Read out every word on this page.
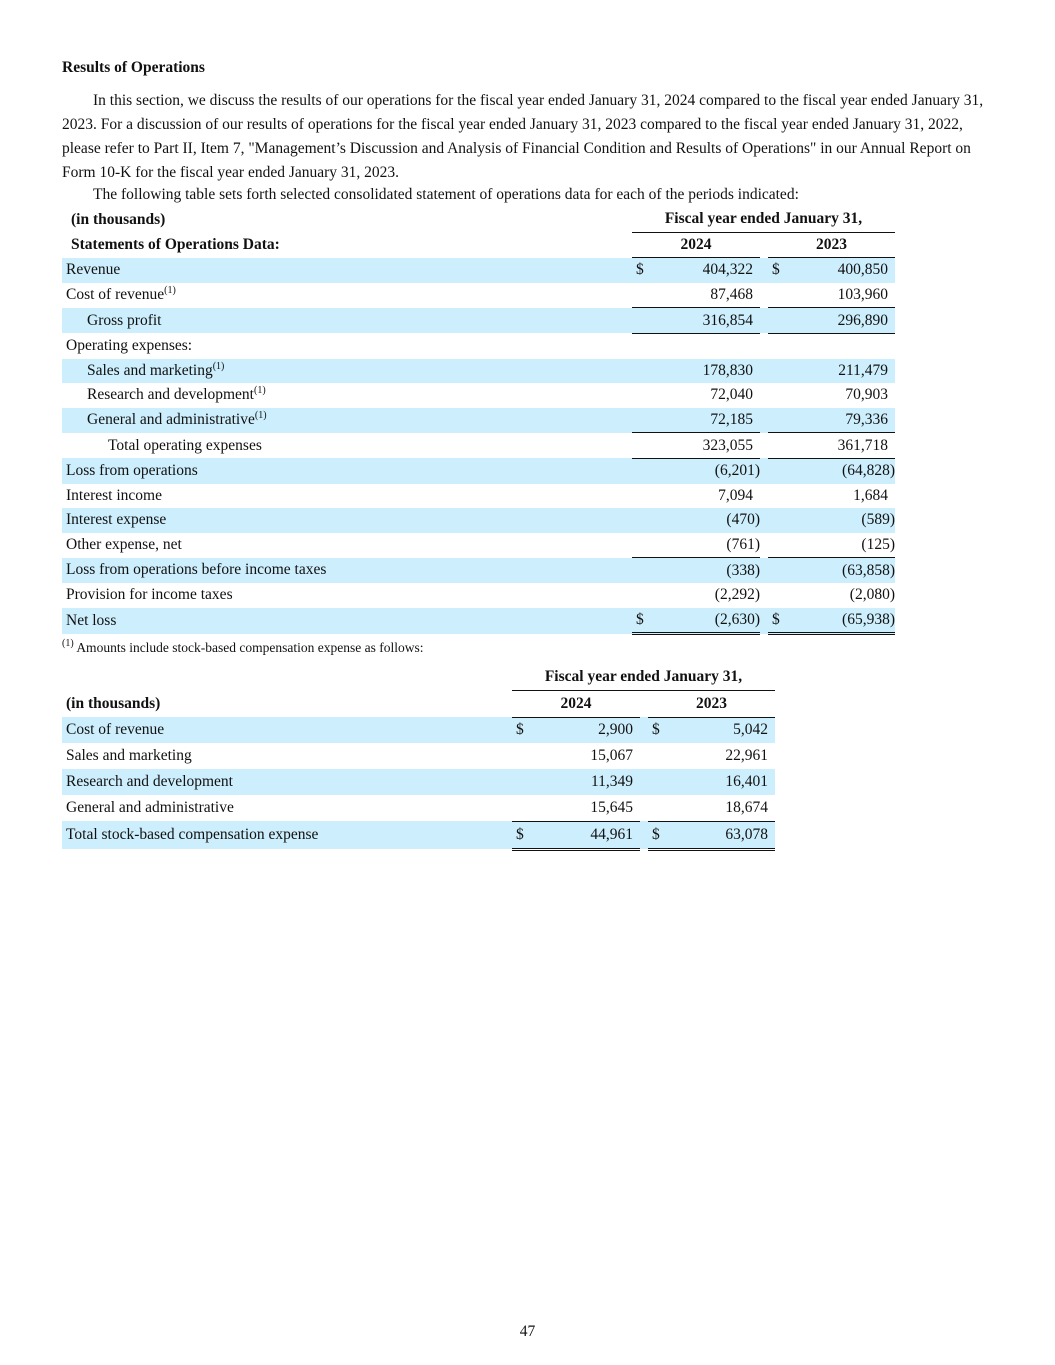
Results of Operations
In this section, we discuss the results of our operations for the fiscal year ended January 31, 2024 compared to the fiscal year ended January 31, 2023. For a discussion of our results of operations for the fiscal year ended January 31, 2023 compared to the fiscal year ended January 31, 2022, please refer to Part II, Item 7, "Management’s Discussion and Analysis of Financial Condition and Results of Operations" in our Annual Report on Form 10-K for the fiscal year ended January 31, 2023.
The following table sets forth selected consolidated statement of operations data for each of the periods indicated:
(in thousands)	Fiscal year ended January 31,				
Statements of Operations Data:	2024			2023	
Revenue	$	404,322		$	400,850
Cost of revenue$^{(1)}$		87,468			103,960
Gross profit		316,854			296,890
Operating expenses:					
Sales and marketing$^{(1)}$		178,830			211,479
Research and development$^{(1)}$		72,040			70,903
General and administrative$^{(1)}$		72,185			79,336
Total operating expenses		323,055			361,718
Loss from operations		(6,201)			(64,828)
Interest income		7,094			1,684
Interest expense		(470)			(589)
Other expense, net		(761)			(125)
Loss from operations before income taxes		(338)			(63,858)
Provision for income taxes		(2,292)			(2,080)
Net loss	$	(2,630)		$	(65,938)
$^{(1)}$ Amounts include stock-based compensation expense as follows:
	Fiscal year ended January 31,				
(in thousands)	2024			2023	
Cost of revenue	$	2,900		$	5,042
Sales and marketing		15,067			22,961
Research and development		11,349			16,401
General and administrative		15,645			18,674
Total stock-based compensation expense	$	44,961		$	63,078
47
